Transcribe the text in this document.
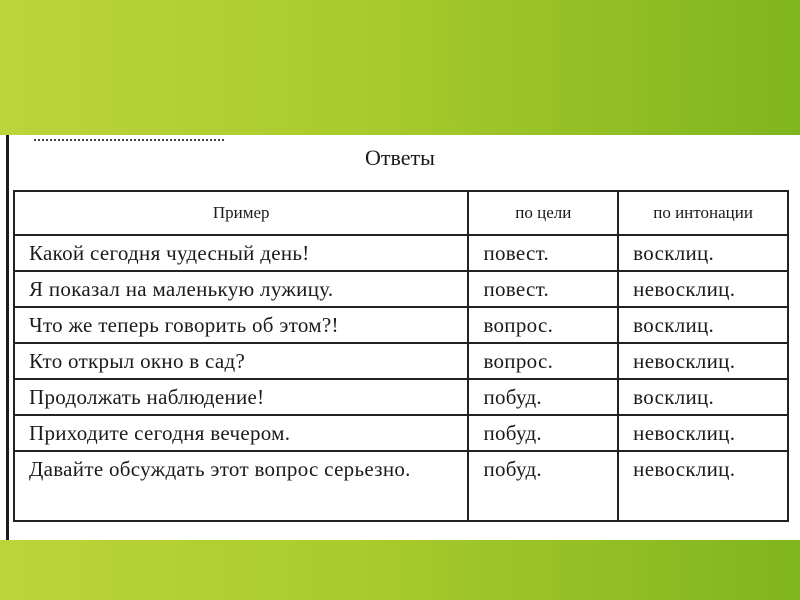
Ответы
Пример	по цели	по интонации
Какой сегодня чудесный день!	повест.	восклиц.
Я показал на маленькую лужицу.	повест.	невосклиц.
Что же теперь говорить об этом?!	вопрос.	восклиц.
Кто открыл окно в сад?	вопрос.	невосклиц.
Продолжать наблюдение!	побуд.	восклиц.
Приходите сегодня вечером.	побуд.	невосклиц.
Давайте обсуждать этот вопрос серьезно.	побуд.	невосклиц.
